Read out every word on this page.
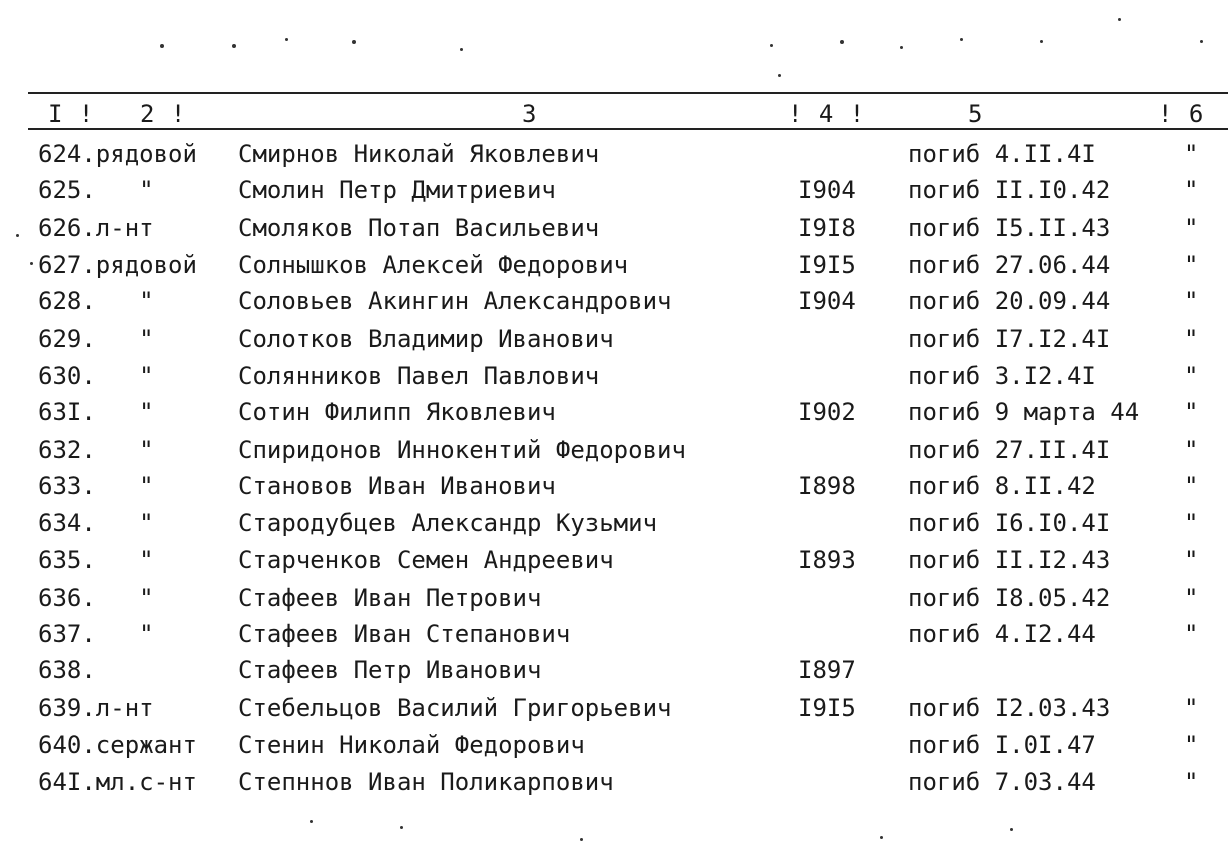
I ! 2 !	3	! 4 !	5	! 6
624.рядовой Смирнов Николай Яковлевич	погиб 4.II.4I	"
625.   "	Смолин Петр Дмитриевич	I904 погиб II.I0.42	"
626.л-нт	Смоляков Потап Васильевич	I9I8 погиб I5.II.43	"
627.рядовой Солнышков Алексей Федорович	I9I5 погиб 27.06.44	"
628.   "	Соловьев Акингин Александрович	I904 погиб 20.09.44	"
629.   "	Солотков Владимир Иванович	погиб I7.I2.4I	"
630.   "	Солянников Павел Павлович	погиб 3.I2.4I	"
63I.   "	Сотин Филипп Яковлевич	I902 погиб 9 марта 44 "
632.   "	Спиридонов Иннокентий Федорович	погиб 27.II.4I	"
633.   "	Становов Иван Иванович	I898 погиб 8.II.42	"
634.   "	Стародубцев Александр Кузьмич	погиб I6.I0.4I	"
635.   "	Старченков Семен Андреевич	I893 погиб II.I2.43	"
636.   "	Стафеев Иван Петрович	погиб I8.05.42	"
637.   "	Стафеев Иван Степанович	погиб 4.I2.44	"
638.	Стафеев Петр Иванович	I897
639.л-нт	Стебельцов Василий Григорьевич	I9I5 погиб I2.03.43	"
640.сержант Стенин Николай Федорович	погиб I.0I.47	"
64I.мл.с-нт Степннов Иван Поликарпович	погиб 7.03.44	"
